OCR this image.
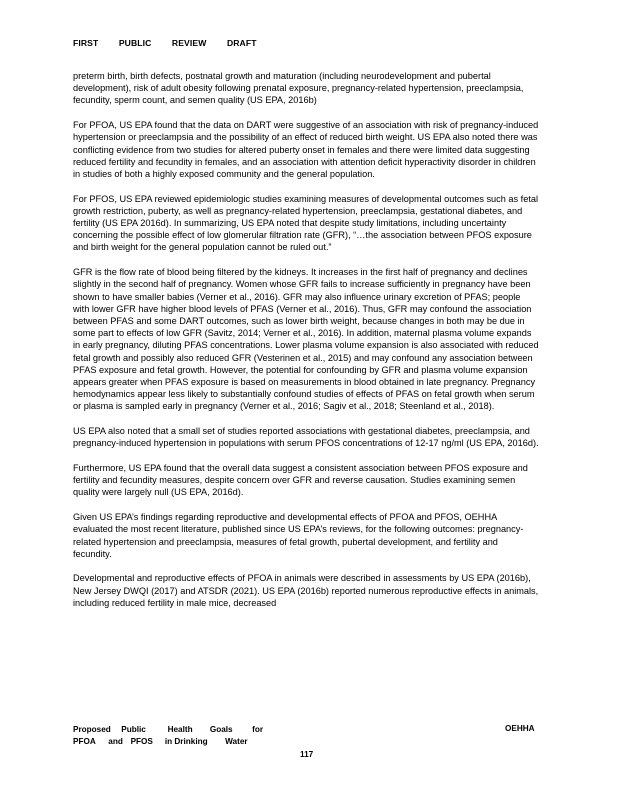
FIRST PUBLIC REVIEW DRAFT

preterm birth, birth defects, postnatal growth and maturation (including neurodevelopment and pubertal development), risk of adult obesity following prenatal exposure, pregnancy-related hypertension, preeclampsia, fecundity, sperm count, and semen quality (US EPA, 2016b)

For PFOA, US EPA found that the data on DART were suggestive of an association with risk of pregnancy-induced hypertension or preeclampsia and the possibility of an effect of reduced birth weight. US EPA also noted there was conflicting evidence from two studies for altered puberty onset in females and there were limited data suggesting reduced fertility and fecundity in females, and an association with attention deficit hyperactivity disorder in children in studies of both a highly exposed community and the general population.

For PFOS, US EPA reviewed epidemiologic studies examining measures of developmental outcomes such as fetal growth restriction, puberty, as well as pregnancy-related hypertension, preeclampsia, gestational diabetes, and fertility (US EPA 2016d). In summarizing, US EPA noted that despite study limitations, including uncertainty concerning the possible effect of low glomerular filtration rate (GFR), “…the association between PFOS exposure and birth weight for the general population cannot be ruled out.”

GFR is the flow rate of blood being filtered by the kidneys. It increases in the first half of pregnancy and declines slightly in the second half of pregnancy. Women whose GFR fails to increase sufficiently in pregnancy have been shown to have smaller babies (Verner et al., 2016). GFR may also influence urinary excretion of PFAS; people with lower GFR have higher blood levels of PFAS (Verner et al., 2016). Thus, GFR may confound the association between PFAS and some DART outcomes, such as lower birth weight, because changes in both may be due in some part to effects of low GFR (Savitz, 2014; Verner et al., 2016). In addition, maternal plasma volume expands in early pregnancy, diluting PFAS concentrations. Lower plasma volume expansion is also associated with reduced fetal growth and possibly also reduced GFR (Vesterinen et al., 2015) and may confound any association between PFAS exposure and fetal growth. However, the potential for confounding by GFR and plasma volume expansion appears greater when PFAS exposure is based on measurements in blood obtained in late pregnancy. Pregnancy hemodynamics appear less likely to substantially confound studies of effects of PFAS on fetal growth when serum or plasma is sampled early in pregnancy (Verner et al., 2016; Sagiv et al., 2018; Steenland et al., 2018).

US EPA also noted that a small set of studies reported associations with gestational diabetes, preeclampsia, and pregnancy-induced hypertension in populations with serum PFOS concentrations of 12-17 ng/ml (US EPA, 2016d).

Furthermore, US EPA found that the overall data suggest a consistent association between PFOS exposure and fertility and fecundity measures, despite concern over GFR and reverse causation. Studies examining semen quality were largely null (US EPA, 2016d).

Given US EPA’s findings regarding reproductive and developmental effects of PFOA and PFOS, OEHHA evaluated the most recent literature, published since US EPA’s reviews, for the following outcomes: pregnancy-related hypertension and preeclampsia, measures of fetal growth, pubertal development, and fertility and fecundity.

Developmental and reproductive effects of PFOA in animals were described in assessments by US EPA (2016b), New Jersey DWQI (2017) and ATSDR (2021). US EPA (2016b) reported numerous reproductive effects in animals, including reduced fertility in male mice, decreased

Proposed Public	Health Goals for
PFOA and PFOS in Drinking Water
OEHHA
117
